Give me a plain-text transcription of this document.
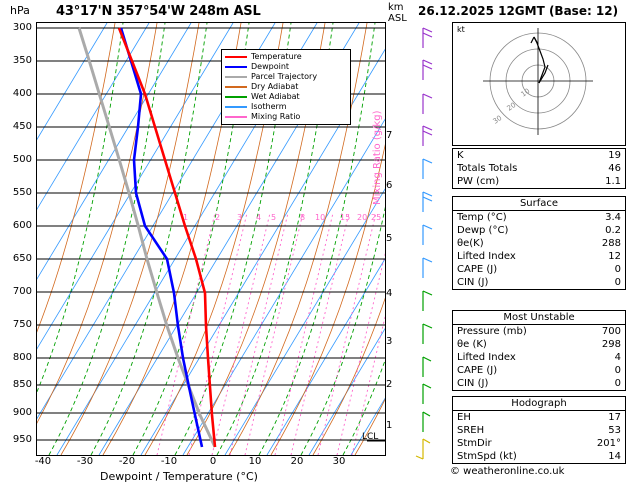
hPa 43°17'N 357°54'W 248m ASL	km
ASL
26.12.2025 12GMT (Base: 12)
300
350
400
450
500
550
600
650
700
750
800
850
900
950
7
6
5
4
3
2
1
1	2 3 4 5	8 10 15 20 25
Temperature
Dewpoint
Parcel Trajectory
Dry Adiabat
Wet Adiabat
Isotherm
Mixing Ratio	Mixing Ratio (g/kg)
LCL
-40	-30	-20	-10	0	10	20	30
Dewpoint / Temperature (°C)
kt
10
20
30
K	19
Totals Totals	46
PW (cm)	1.1
Surface
Temp (°C)	3.4
Dewp (°C)	0.2
θe(K)	288
Lifted Index	12
CAPE (J)	0
CIN (J)	0
Most Unstable
Pressure (mb)	700
θe (K)	298
Lifted Index	4
CAPE (J)	0
CIN (J)	0
Hodograph
EH	17
SREH	53
StmDir	201°
StmSpd (kt)	14
© weatheronline.co.uk
